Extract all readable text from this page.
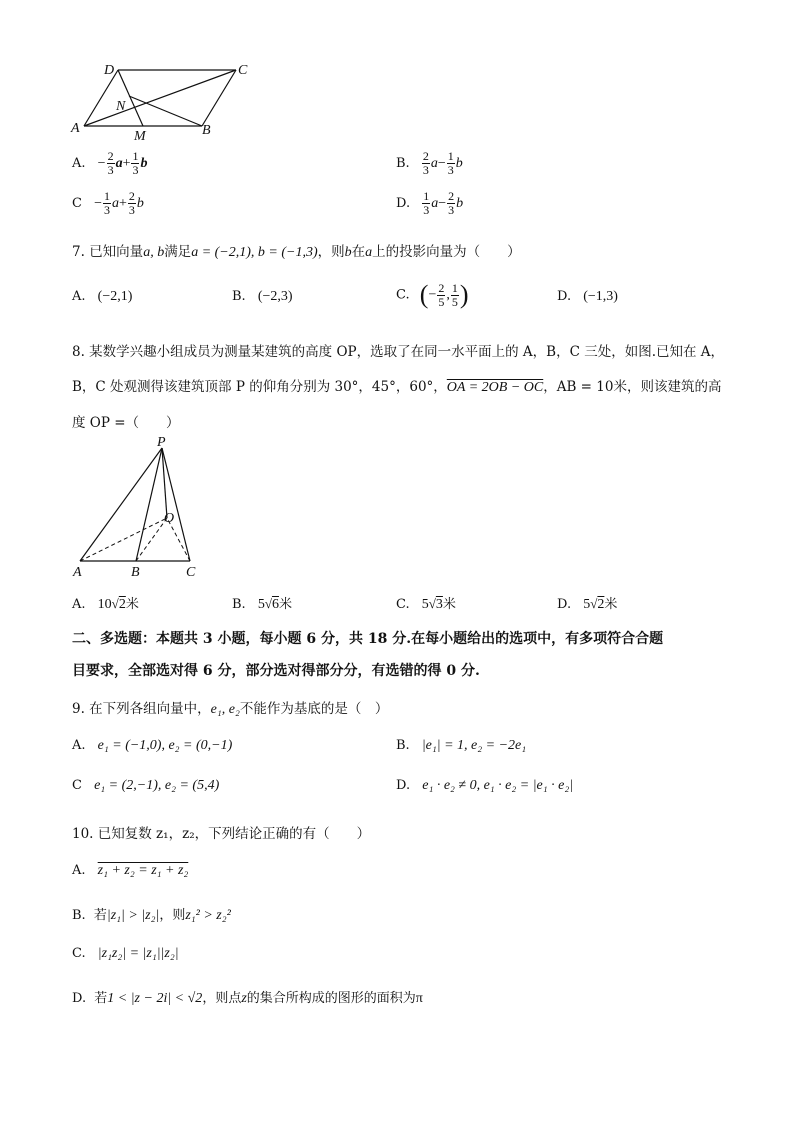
D	C
N
A
M	B
A. − $\frac{2}{3} a+ \frac{1}{3}$ b	B. $\frac{2}{3} a- \frac{1}{3}$ b
$C - \frac{1}{3} a+ \frac{2}{3}$ b	D. $\frac{1}{3} a- \frac{2}{3}$ b
7. 已知向量a, b满足a = (−2,1), b = (−1,3)，则b在a上的投影向量为（　　）
A. (−2,1)	B. (−2,3)	C. (− $\frac{2}{5}$ , $\frac{1}{5}$ )	D. (−1,3)
8. 某数学兴趣小组成员为测量某建筑的高度 OP，选取了在同一水平面上的 A，B，C 三处，如图.已知在 A，
B，C 处观测得该建筑顶部 P 的仰角分别为 30°，45°，60°，OA = 2OB − OC，AB = 10米，则该建筑的高
度 OP =（　　）
P
O
A	B	C
A. 10√2米	B. 5√6米	C. 5√3米	D. 5√2米
二、多选题：本题共 3 小题，每小题 6 分，共 18 分.在每小题给出的选项中，有多项符合合题
目要求，全部选对得 6 分，部分选对得部分分，有选错的得 0 分.
9. 在下列各组向量中，e₁, e₂不能作为基底的是（　）
A. e₁ = (−1,0), e₂ = (0,−1)	B. |e₁| = 1, e₂ = −2e₁
C e₁ = (2,−1), e₂ = (5,4)	D. e₁ · e₂ ≠ 0, e₁ · e₂ = |e₁ · e₂|
10. 已知复数 z₁，z₂，下列结论正确的有（　　）
A. z₁ + z₂ = z₁ + z₂
B. 若|z₁| > |z₂|，则z₁² > z₂²
C. |z₁z₂| = |z₁||z₂|
D. 若1 < |z − 2i| < √2，则点z的集合所构成的图形的面积为π
